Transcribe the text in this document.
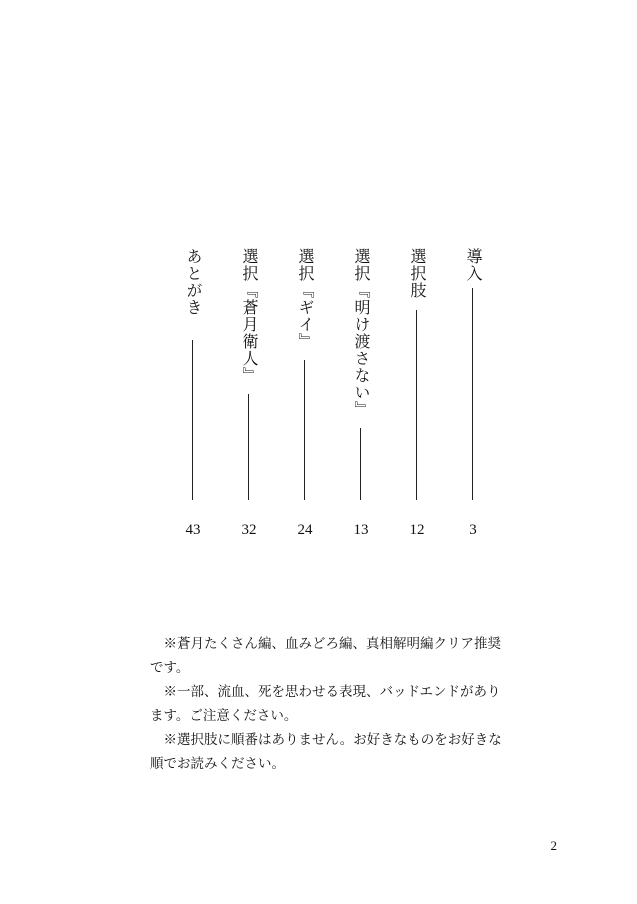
導入
3
選択肢
12
選択『明け渡さない』
13
選択『ギイ』
24
選択『蒼月衛人』
32
あとがき
43

※蒼月たくさん編、血みどろ編、真相解明編クリア推奨です。

※一部、流血、死を思わせる表現、バッドエンドがあります。ご注意ください。

※選択肢に順番はありません。お好きなものをお好きな順でお読みください。

2
